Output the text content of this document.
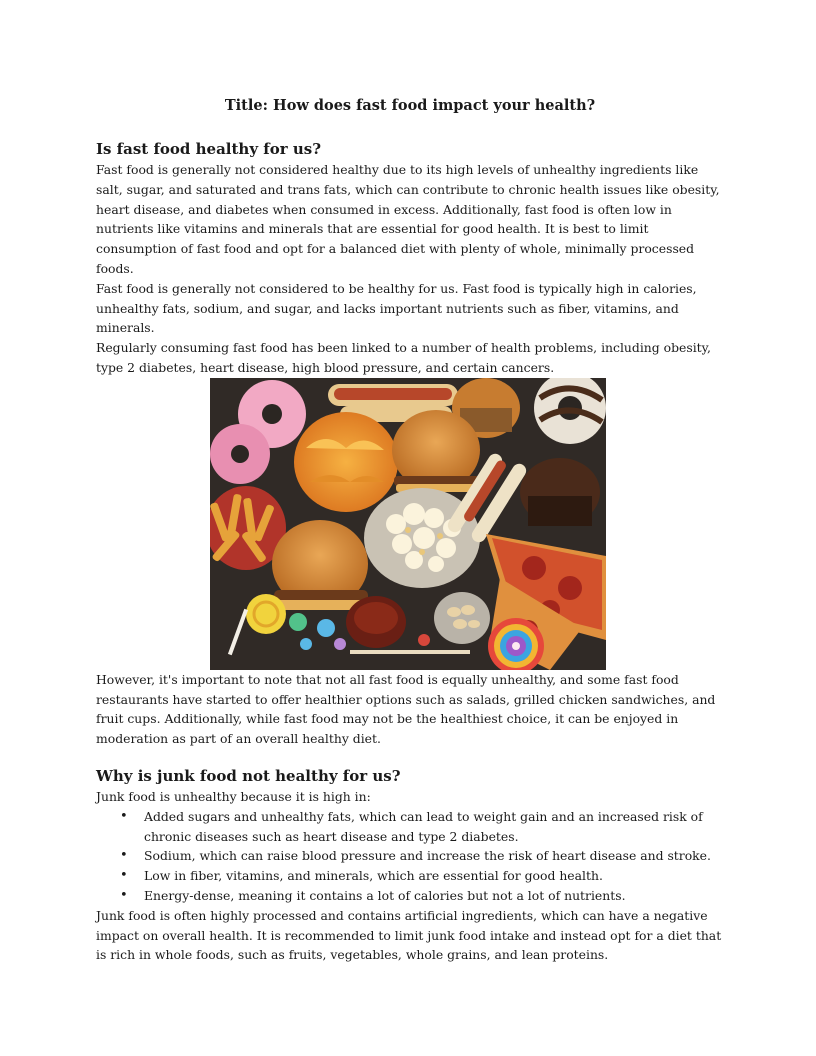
Title: How does fast food impact your health?
Is fast food healthy for us?

Fast food is generally not considered healthy due to its high levels of unhealthy ingredients like salt, sugar, and saturated and trans fats, which can contribute to chronic health issues like obesity, heart disease, and diabetes when consumed in excess. Additionally, fast food is often low in nutrients like vitamins and minerals that are essential for good health. It is best to limit consumption of fast food and opt for a balanced diet with plenty of whole, minimally processed foods.

Fast food is generally not considered to be healthy for us. Fast food is typically high in calories, unhealthy fats, sodium, and sugar, and lacks important nutrients such as fiber, vitamins, and minerals.

Regularly consuming fast food has been linked to a number of health problems, including obesity, type 2 diabetes, heart disease, high blood pressure, and certain cancers.

However, it's important to note that not all fast food is equally unhealthy, and some fast food restaurants have started to offer healthier options such as salads, grilled chicken sandwiches, and fruit cups. Additionally, while fast food may not be the healthiest choice, it can be enjoyed in moderation as part of an overall healthy diet.

Why is junk food not healthy for us?

Junk food is unhealthy because it is high in:

• Added sugars and unhealthy fats, which can lead to weight gain and an increased risk of chronic diseases such as heart disease and type 2 diabetes.
• Sodium, which can raise blood pressure and increase the risk of heart disease and stroke.
• Low in fiber, vitamins, and minerals, which are essential for good health.
• Energy-dense, meaning it contains a lot of calories but not a lot of nutrients.

Junk food is often highly processed and contains artificial ingredients, which can have a negative impact on overall health. It is recommended to limit junk food intake and instead opt for a diet that is rich in whole foods, such as fruits, vegetables, whole grains, and lean proteins.
